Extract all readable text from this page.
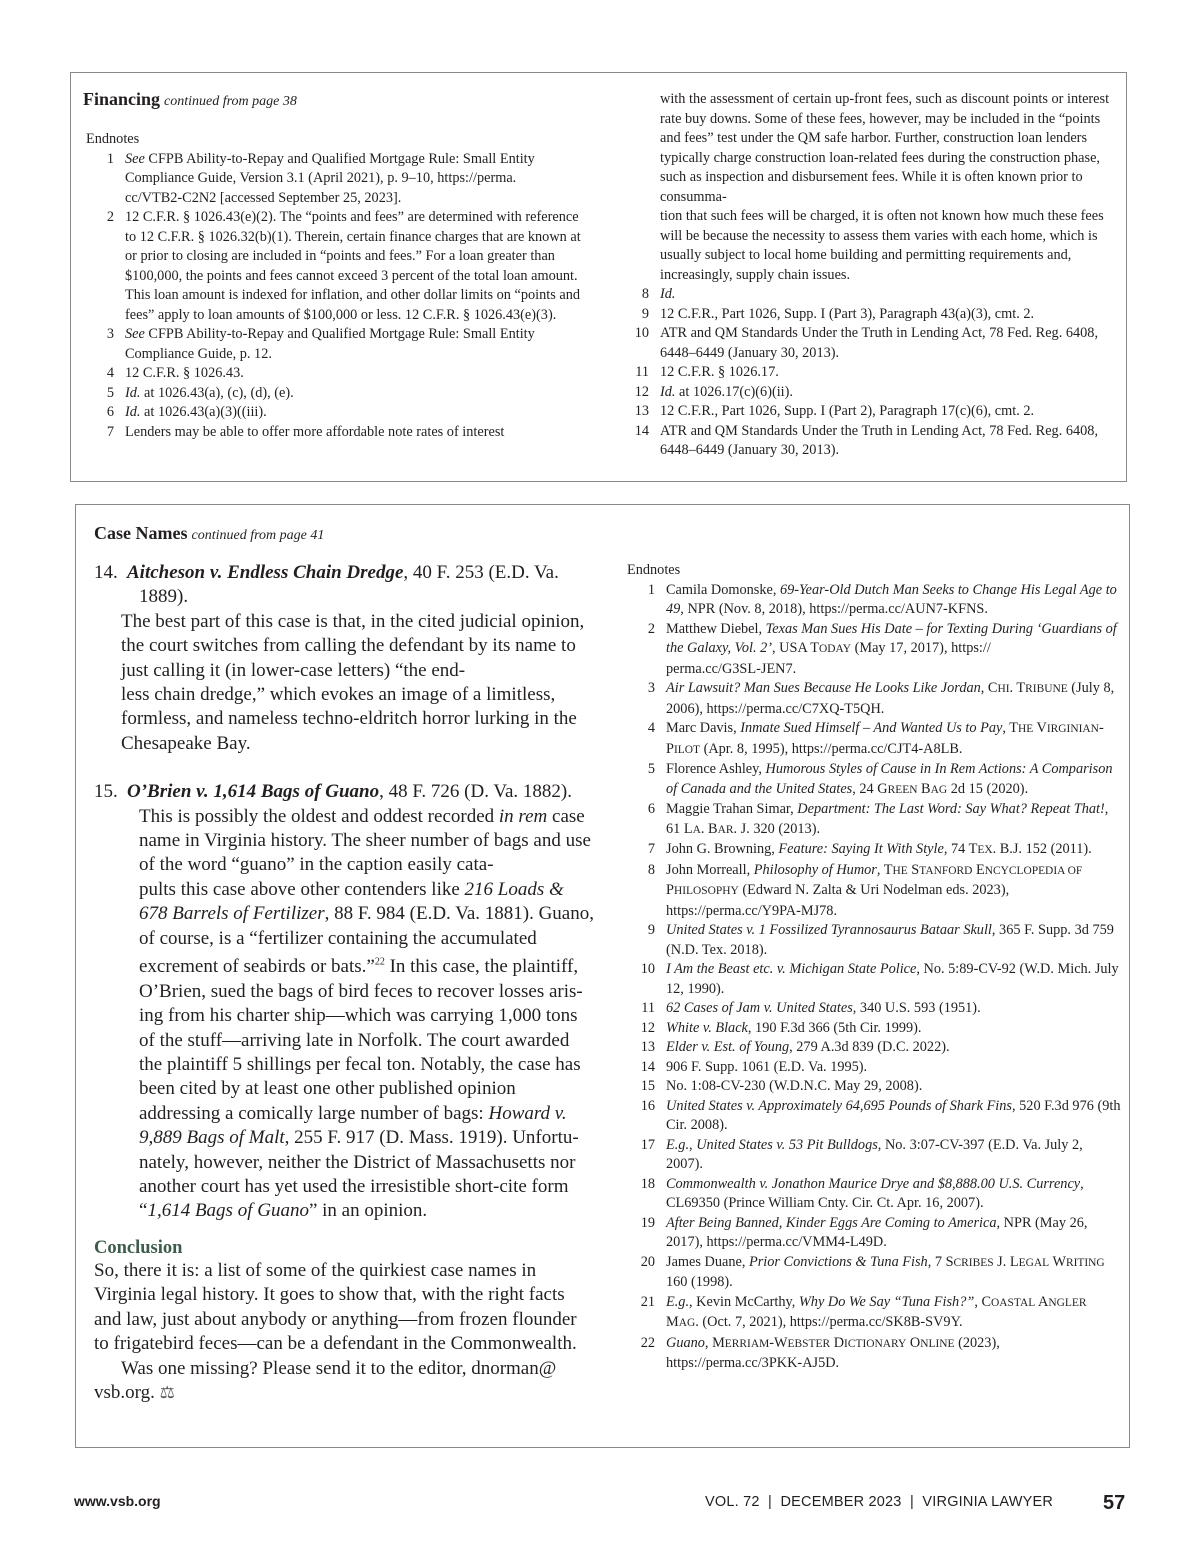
Financing continued from page 38
Endnotes
1 See CFPB Ability-to-Repay and Qualified Mortgage Rule: Small Entity Compliance Guide, Version 3.1 (April 2021), p. 9–10, https://perma.
cc/VTB2-C2N2 [accessed September 25, 2023].
2 12 C.F.R. § 1026.43(e)(2). The “points and fees” are determined with reference to 12 C.F.R. § 1026.32(b)(1). Therein, certain finance charges that are known at or prior to closing are included in “points and fees.” For a loan greater than $100,000, the points and fees cannot exceed 3 percent of the total loan amount. This loan amount is indexed for inflation, and other dollar limits on “points and fees” apply to loan amounts of $100,000 or less. 12 C.F.R. § 1026.43(e)(3).
3 See CFPB Ability-to-Repay and Qualified Mortgage Rule: Small Entity Compliance Guide, p. 12.
4 12 C.F.R. § 1026.43.
5 Id. at 1026.43(a), (c), (d), (e).
6 Id. at 1026.43(a)(3)((iii).
7 Lenders may be able to offer more affordable note rates of interest
with the assessment of certain up-front fees, such as discount points or interest rate buy downs. Some of these fees, however, may be included in the “points and fees” test under the QM safe harbor. Further, construction loan lenders typically charge construction loan-related fees during the construction phase, such as inspection and disbursement fees. While it is often known prior to consumma-
tion that such fees will be charged, it is often not known how much these fees will be because the necessity to assess them varies with each home, which is usually subject to local home building and permitting requirements and, increasingly, supply chain issues.
8 Id.
9 12 C.F.R., Part 1026, Supp. I (Part 3), Paragraph 43(a)(3), cmt. 2.
10 ATR and QM Standards Under the Truth in Lending Act, 78 Fed. Reg. 6408, 6448–6449 (January 30, 2013).
11 12 C.F.R. § 1026.17.
12 Id. at 1026.17(c)(6)(ii).
13 12 C.F.R., Part 1026, Supp. I (Part 2), Paragraph 17(c)(6), cmt. 2.
14 ATR and QM Standards Under the Truth in Lending Act, 78 Fed. Reg. 6408, 6448–6449 (January 30, 2013).
Case Names continued from page 41

14. Aitcheson v. Endless Chain Dredge, 40 F. 253 (E.D. Va. 1889).

The best part of this case is that, in the cited judicial opinion, the court switches from calling the defendant by its name to just calling it (in lower-case letters) “the end-
less chain dredge,” which evokes an image of a limitless, formless, and nameless techno-eldritch horror lurking in the Chesapeake Bay.

15. O’Brien v. 1,614 Bags of Guano, 48 F. 726 (D. Va. 1882). This is possibly the oldest and oddest recorded in rem case name in Virginia history. The sheer number of bags and use of the word “guano” in the caption easily cata-
pults this case above other contenders like 216 Loads & 678 Barrels of Fertilizer, 88 F. 984 (E.D. Va. 1881). Guano, of course, is a “fertilizer containing the accumulated excrement of seabirds or bats.”$^{22}$ In this case, the plaintiff, O’Brien, sued the bags of bird feces to recover losses aris-
ing from his charter ship—which was carrying 1,000 tons of the stuff—arriving late in Norfolk. The court awarded the plaintiff 5 shillings per fecal ton. Notably, the case has been cited by at least one other published opinion addressing a comically large number of bags: Howard v. 9,889 Bags of Malt, 255 F. 917 (D. Mass. 1919). Unfortu-
nately, however, neither the District of Massachusetts nor another court has yet used the irresistible short-cite form “1,614 Bags of Guano” in an opinion.

Conclusion

So, there it is: a list of some of the quirkiest case names in Virginia legal history. It goes to show that, with the right facts and law, just about anybody or anything—from frozen flounder to frigatebird feces—can be a defendant in the Commonwealth.

Was one missing? Please send it to the editor, dnorman@
vsb.org. ⚖

Endnotes
1 Camila Domonske, 69-Year-Old Dutch Man Seeks to Change His Legal Age to 49, NPR (Nov. 8, 2018), https://perma.cc/AUN7-KFNS.
2 Matthew Diebel, Texas Man Sues His Date – for Texting During ‘Guardians of the Galaxy, Vol. 2’, USA TODAY (May 17, 2017), https://
perma.cc/G3SL-JEN7.
3 Air Lawsuit? Man Sues Because He Looks Like Jordan, CHI. TRIBUNE (July 8, 2006), https://perma.cc/C7XQ-T5QH.
4 Marc Davis, Inmate Sued Himself – And Wanted Us to Pay, THE VIRGINIAN-PILOT (Apr. 8, 1995), https://perma.cc/CJT4-A8LB.
5 Florence Ashley, Humorous Styles of Cause in In Rem Actions: A Comparison of Canada and the United States, 24 GREEN BAG 2d 15 (2020).
6 Maggie Trahan Simar, Department: The Last Word: Say What? Repeat That!, 61 LA. BAR. J. 320 (2013).
7 John G. Browning, Feature: Saying It With Style, 74 TEX. B.J. 152 (2011).
8 John Morreall, Philosophy of Humor, THE STANFORD ENCYCLOPEDIA OF PHILOSOPHY (Edward N. Zalta & Uri Nodelman eds. 2023), https://perma.cc/Y9PA-MJ78.
9 United States v. 1 Fossilized Tyrannosaurus Bataar Skull, 365 F. Supp. 3d 759 (N.D. Tex. 2018).
10 I Am the Beast etc. v. Michigan State Police, No. 5:89-CV-92 (W.D. Mich. July 12, 1990).
11 62 Cases of Jam v. United States, 340 U.S. 593 (1951).
12 White v. Black, 190 F.3d 366 (5th Cir. 1999).
13 Elder v. Est. of Young, 279 A.3d 839 (D.C. 2022).
14 906 F. Supp. 1061 (E.D. Va. 1995).
15 No. 1:08-CV-230 (W.D.N.C. May 29, 2008).
16 United States v. Approximately 64,695 Pounds of Shark Fins, 520 F.3d 976 (9th Cir. 2008).
17 E.g., United States v. 53 Pit Bulldogs, No. 3:07-CV-397 (E.D. Va. July 2, 2007).
18 Commonwealth v. Jonathon Maurice Drye and $8,888.00 U.S. Currency, CL69350 (Prince William Cnty. Cir. Ct. Apr. 16, 2007).
19 After Being Banned, Kinder Eggs Are Coming to America, NPR (May 26, 2017), https://perma.cc/VMM4-L49D.
20 James Duane, Prior Convictions & Tuna Fish, 7 SCRIBES J. LEGAL WRITING 160 (1998).
21 E.g., Kevin McCarthy, Why Do We Say “Tuna Fish?”, COASTAL ANGLER MAG. (Oct. 7, 2021), https://perma.cc/SK8B-SV9Y.
22 Guano, MERRIAM-WEBSTER DICTIONARY ONLINE (2023), https://perma.cc/3PKK-AJ5D.
www.vsb.org	VOL. 72  |  DECEMBER 2023  |  VIRGINIA LAWYER 57
